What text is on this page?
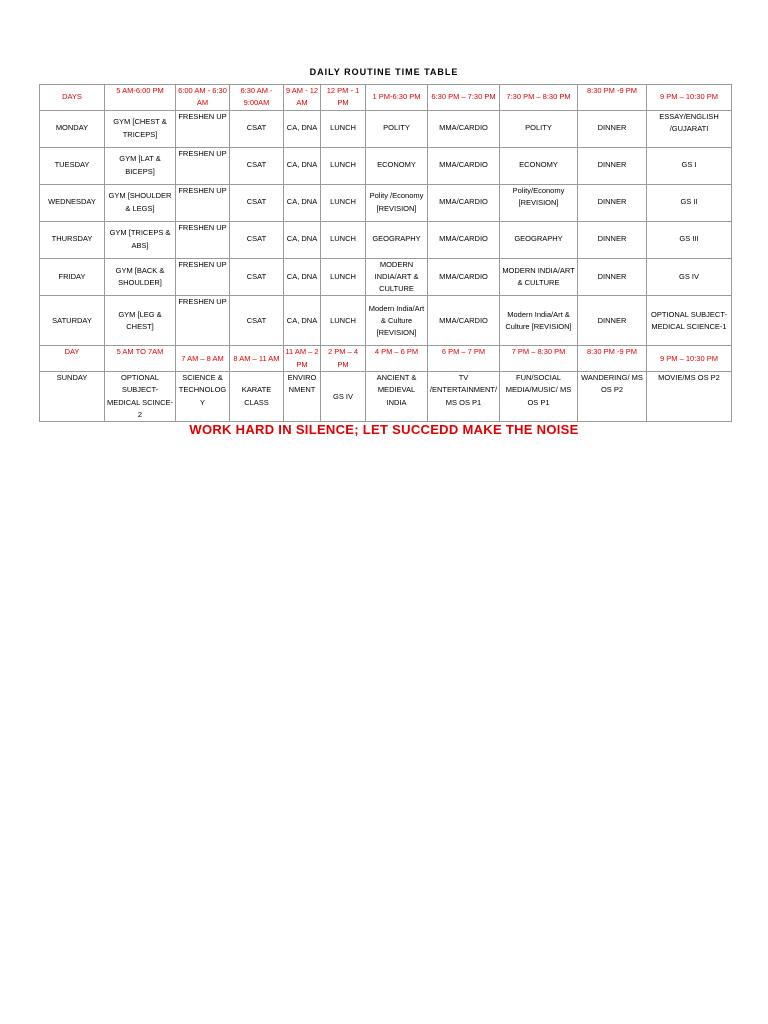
DAILY ROUTINE TIME TABLE
DAYS	5 AM-6:00 PM	6:00 AM - 6:30 AM	6:30 AM - 9:00AM	9 AM - 12 AM	12 PM - 1 PM	1 PM-6:30 PM	6:30 PM – 7:30 PM	7:30 PM – 8:30 PM	8:30 PM -9 PM	9 PM – 10:30 PM
MONDAY	GYM [CHEST & TRICEPS]	FRESHEN UP	CSAT	CA, DNA	LUNCH	POLITY	MMA/CARDIO	POLITY	DINNER	ESSAY/ENGLISH /GUJARATI
TUESDAY	GYM [LAT & BICEPS]	FRESHEN UP	CSAT	CA, DNA	LUNCH	ECONOMY	MMA/CARDIO	ECONOMY	DINNER	GS I
WEDNESDAY	GYM [SHOULDER & LEGS]	FRESHEN UP	CSAT	CA, DNA	LUNCH	Polity /Economy [REVISION]	MMA/CARDIO	Polity/Economy [REVISION]	DINNER	GS II
THURSDAY	GYM [TRICEPS & ABS]	FRESHEN UP	CSAT	CA, DNA	LUNCH	GEOGRAPHY	MMA/CARDIO	GEOGRAPHY	DINNER	GS III
FRIDAY	GYM [BACK & SHOULDER]	FRESHEN UP	CSAT	CA, DNA	LUNCH	MODERN INDIA/ART & CULTURE	MMA/CARDIO	MODERN INDIA/ART & CULTURE	DINNER	GS IV
SATURDAY	GYM [LEG & CHEST]	FRESHEN UP	CSAT	CA, DNA	LUNCH	Modern India/Art & Culture [REVISION]	MMA/CARDIO	Modern India/Art & Culture [REVISION]	DINNER	OPTIONAL SUBJECT-MEDICAL SCIENCE-1
DAY	5 AM TO 7AM	7 AM – 8 AM	8 AM – 11 AM	11 AM – 2 PM	2 PM – 4 PM	4 PM – 6 PM	6 PM – 7 PM	7 PM – 8:30 PM	8:30 PM -9 PM	9 PM – 10:30 PM
SUNDAY	OPTIONAL SUBJECT-MEDICAL SCINCE-2	SCIENCE & TECHNOLOGY	KARATE CLASS	ENVIRONMENT	GS IV	ANCIENT & MEDIEVAL INDIA	TV /ENTERTAINMENT/MS OS P1	FUN/SOCIAL MEDIA/MUSIC/ MS OS P1	WANDERING/ MS OS P2	MOVIE/MS OS P2
WORK HARD IN SILENCE; LET SUCCEDD MAKE THE NOISE
